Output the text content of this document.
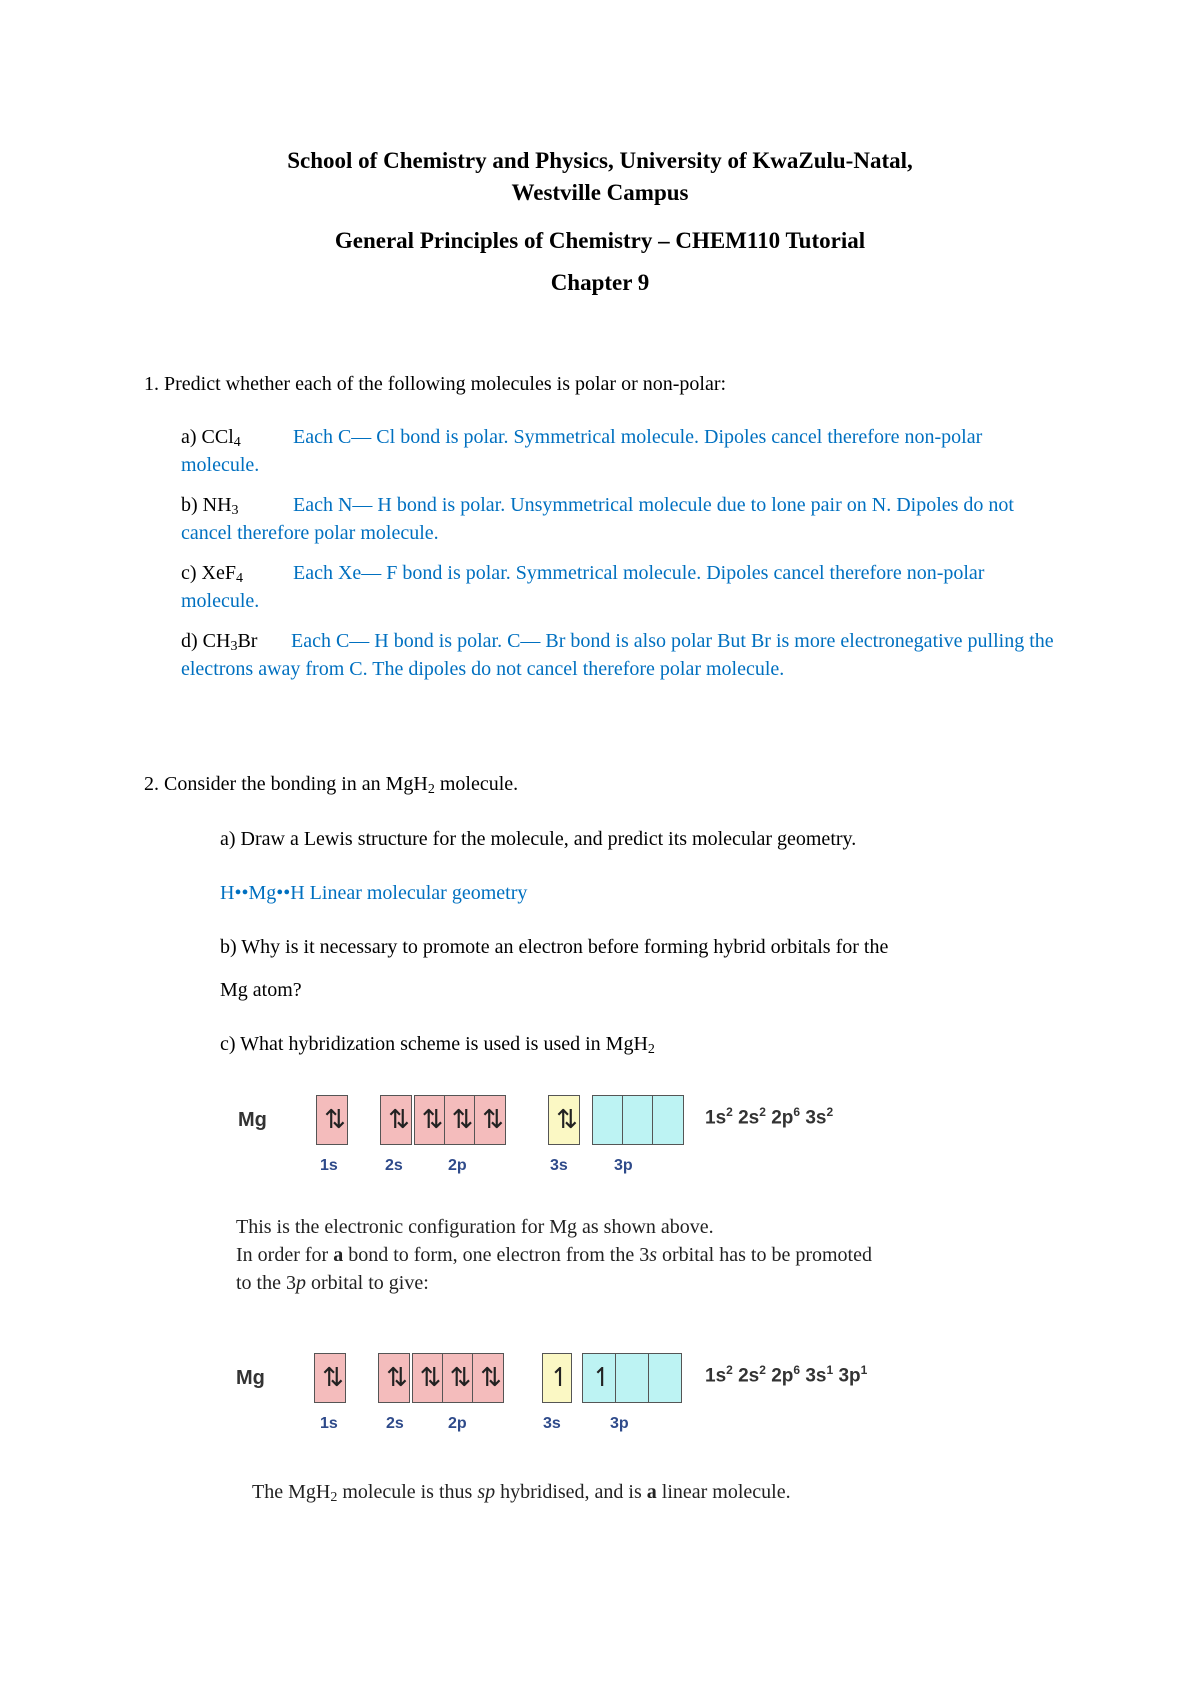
School of Chemistry and Physics, University of KwaZulu-Natal,
Westville Campus
General Principles of Chemistry – CHEM110 Tutorial
Chapter 9
1. Predict whether each of the following molecules is polar or non-polar:
a) CCl$_4$	Each C— Cl bond is polar. Symmetrical molecule. Dipoles cancel therefore non-polar molecule.
b) $NH_3$	Each N— H bond is polar. Unsymmetrical molecule due to lone pair on N. Dipoles do not cancel therefore polar molecule.
c) XeF$_4$	Each Xe— F bond is polar. Symmetrical molecule. Dipoles cancel therefore non-polar molecule.
d) $CH_3Br$ Each C— H bond is polar. C— Br bond is also polar But Br is more electronegative pulling the electrons away from C. The dipoles do not cancel therefore polar molecule.
2. Consider the bonding in an MgH$_2$ molecule.
a) Draw a Lewis structure for the molecule, and predict its molecular geometry.
H••Mg••H Linear molecular geometry
b) Why is it necessary to promote an electron before forming hybrid orbitals for the
Mg atom?
c) What hybridization scheme is used is used in MgH$_2$
Mg ⇅ ⇅ ⇅ ⇅ ⇅ ⇅	$1s^2$ $2s^2$ $2p^6$ $3s^2$
1s	2s	2p	3s	3p
This is the electronic configuration for Mg as shown above.
In order for a bond to form, one electron from the 3s orbital has to be promoted
to the 3p orbital to give:
Mg ⇅ ⇅ ⇅ ⇅ ⇅ ↿	↿	$1s^2$ $2s^2$ $2p^6$ $3s^1$ $3p^1$
1s	2s	2p	3s	3p
The MgH$_2$ molecule is thus sp hybridised, and is a linear molecule.
